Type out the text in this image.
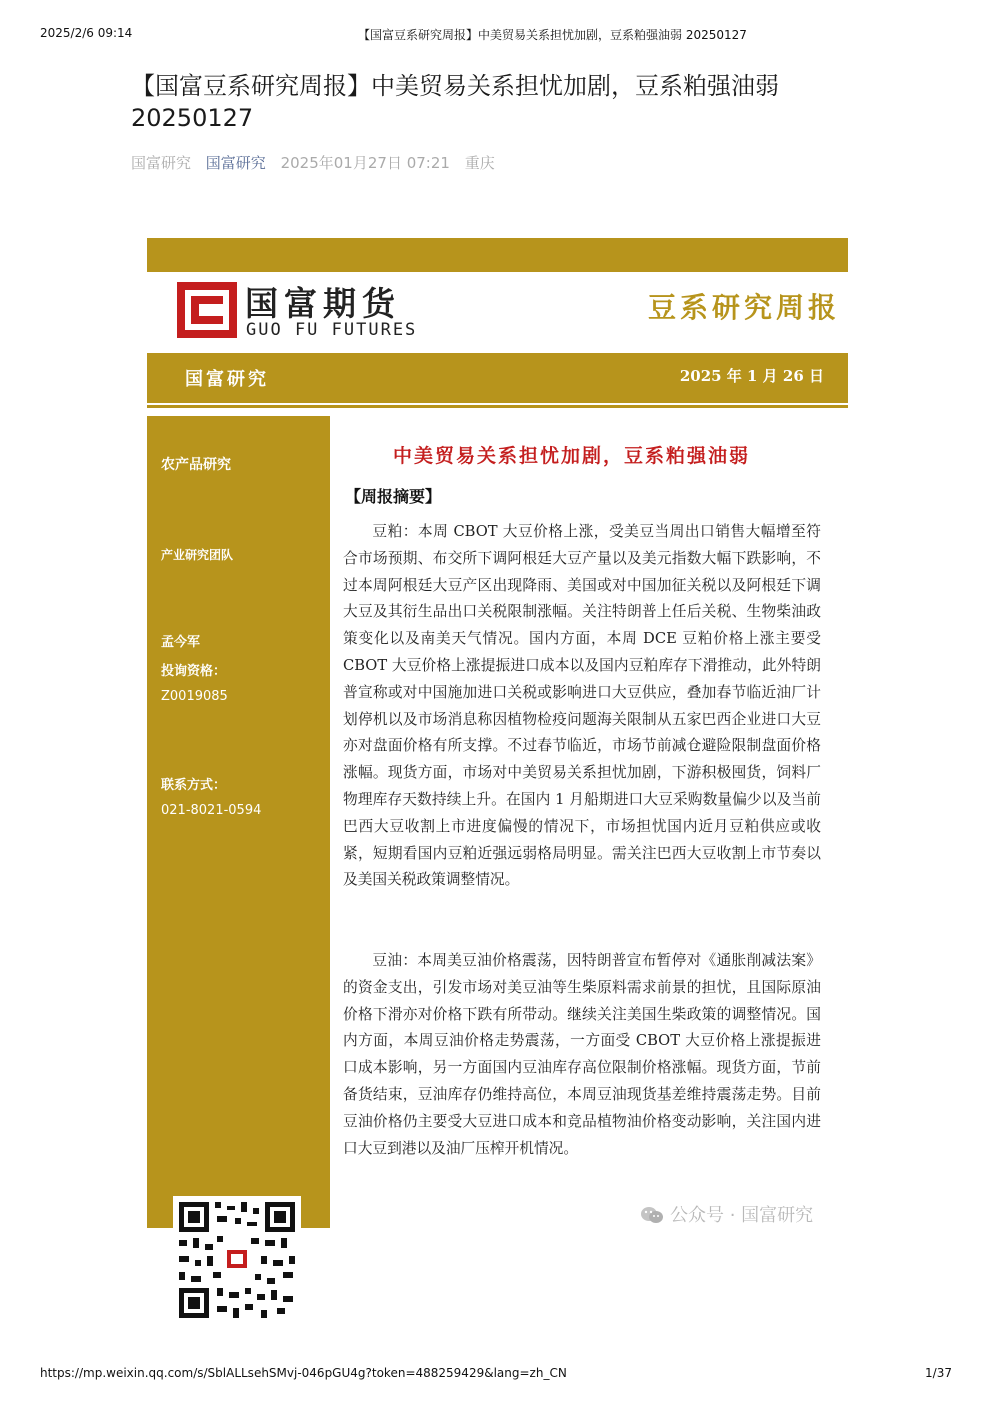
2025/2/6 09:14	【国富豆系研究周报】中美贸易关系担忧加剧，豆系粕强油弱 20250127
【国富豆系研究周报】中美贸易关系担忧加剧，豆系粕强油弱 20250127
国富研究 国富研究 2025年01月27日 07:21 重庆
国富期货
GUO FU FUTURES
豆系研究周报
国富研究	2025 年 1 月 26 日
农产品研究
产业研究团队
孟今军
投询资格：
Z0019085
联系方式：
021-8021-0594
中美贸易关系担忧加剧，豆系粕强油弱
【周报摘要】

豆粕：本周 CBOT 大豆价格上涨，受美豆当周出口销售大幅增至符合市场预期、布交所下调阿根廷大豆产量以及美元指数大幅下跌影响，不过本周阿根廷大豆产区出现降雨、美国或对中国加征关税以及阿根廷下调大豆及其衍生品出口关税限制涨幅。关注特朗普上任后关税、生物柴油政策变化以及南美天气情况。国内方面，本周 DCE 豆粕价格上涨主要受 CBOT 大豆价格上涨提振进口成本以及国内豆粕库存下滑推动，此外特朗普宣称或对中国施加进口关税或影响进口大豆供应，叠加春节临近油厂计划停机以及市场消息称因植物检疫问题海关限制从五家巴西企业进口大豆亦对盘面价格有所支撑。不过春节临近，市场节前减仓避险限制盘面价格涨幅。现货方面，市场对中美贸易关系担忧加剧，下游积极囤货，饲料厂物理库存天数持续上升。在国内 1 月船期进口大豆采购数量偏少以及当前巴西大豆收割上市进度偏慢的情况下，市场担忧国内近月豆粕供应或收紧，短期看国内豆粕近强远弱格局明显。需关注巴西大豆收割上市节奏以及美国关税政策调整情况。

豆油：本周美豆油价格震荡，因特朗普宣布暂停对《通胀削减法案》的资金支出，引发市场对美豆油等生柴原料需求前景的担忧，且国际原油价格下滑亦对价格下跌有所带动。继续关注美国生柴政策的调整情况。国内方面，本周豆油价格走势震荡，一方面受 CBOT 大豆价格上涨提振进口成本影响，另一方面国内豆油库存高位限制价格涨幅。现货方面，节前备货结束，豆油库存仍维持高位，本周豆油现货基差维持震荡走势。目前豆油价格仍主要受大豆进口成本和竞品植物油价格变动影响，关注国内进口大豆到港以及油厂压榨开机情况。

公众号 · 国富研究
https://mp.weixin.qq.com/s/SblALLsehSMvj-046pGU4g?token=488259429&lang=zh_CN	1/37
